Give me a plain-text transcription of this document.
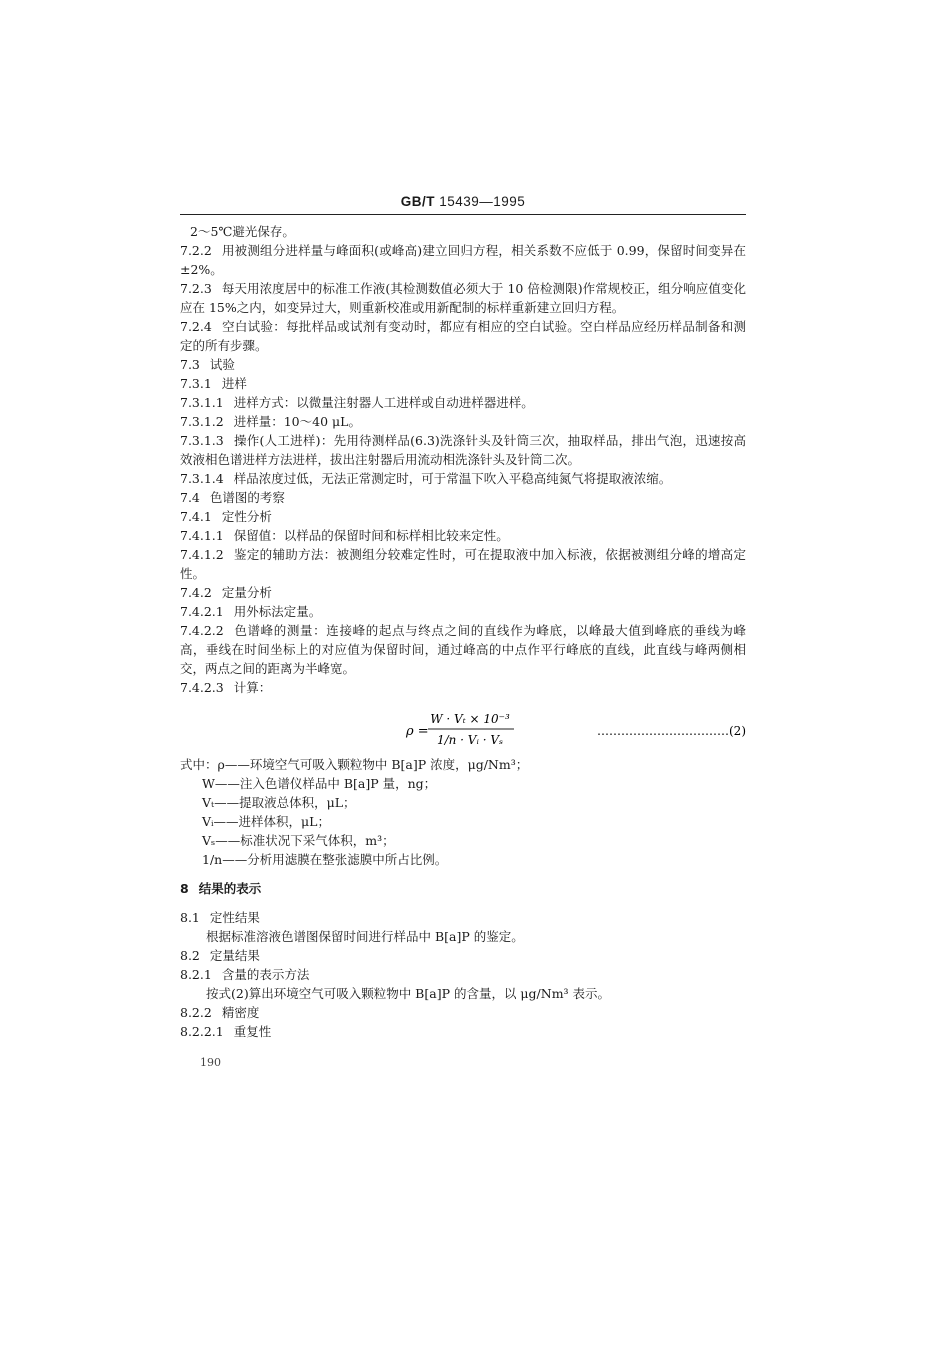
GB/T 15439—1995

2～5℃避光保存。

7.2.2 用被测组分进样量与峰面积(或峰高)建立回归方程，相关系数不应低于 0.99，保留时间变异在±2%。

7.2.3 每天用浓度居中的标准工作液(其检测数值必须大于 10 倍检测限)作常规校正，组分响应值变化应在 15%之内，如变异过大，则重新校准或用新配制的标样重新建立回归方程。

7.2.4 空白试验：每批样品或试剂有变动时，都应有相应的空白试验。空白样品应经历样品制备和测定的所有步骤。

7.3 试验

7.3.1 进样

7.3.1.1 进样方式：以微量注射器人工进样或自动进样器进样。

7.3.1.2 进样量：10～40 μL。

7.3.1.3 操作(人工进样)：先用待测样品(6.3)洗涤针头及针筒三次，抽取样品，排出气泡，迅速按高效液相色谱进样方法进样，拔出注射器后用流动相洗涤针头及针筒二次。

7.3.1.4 样品浓度过低，无法正常测定时，可于常温下吹入平稳高纯氮气将提取液浓缩。

7.4 色谱图的考察

7.4.1 定性分析

7.4.1.1 保留值：以样品的保留时间和标样相比较来定性。

7.4.1.2 鉴定的辅助方法：被测组分较难定性时，可在提取液中加入标液，依据被测组分峰的增高定性。

7.4.2 定量分析

7.4.2.1 用外标法定量。

7.4.2.2 色谱峰的测量：连接峰的起点与终点之间的直线作为峰底，以峰最大值到峰底的垂线为峰高，垂线在时间坐标上的对应值为保留时间，通过峰高的中点作平行峰底的直线，此直线与峰两侧相交，两点之间的距离为半峰宽。

7.4.2.3 计算：

ρ =
W · Vₜ × 10⁻³
1/n · Vᵢ · Vₛ
……………………………(2)

式中：ρ——环境空气可吸入颗粒物中 B[a]P 浓度，μg/Nm³；

W——注入色谱仪样品中 B[a]P 量，ng；

Vₜ——提取液总体积，μL；

Vᵢ——进样体积，μL；

Vₛ——标准状况下采气体积，m³；

1/n——分析用滤膜在整张滤膜中所占比例。

8 结果的表示

8.1 定性结果

根据标准溶液色谱图保留时间进行样品中 B[a]P 的鉴定。

8.2 定量结果

8.2.1 含量的表示方法

按式(2)算出环境空气可吸入颗粒物中 B[a]P 的含量，以 μg/Nm³ 表示。

8.2.2 精密度

8.2.2.1 重复性

190
